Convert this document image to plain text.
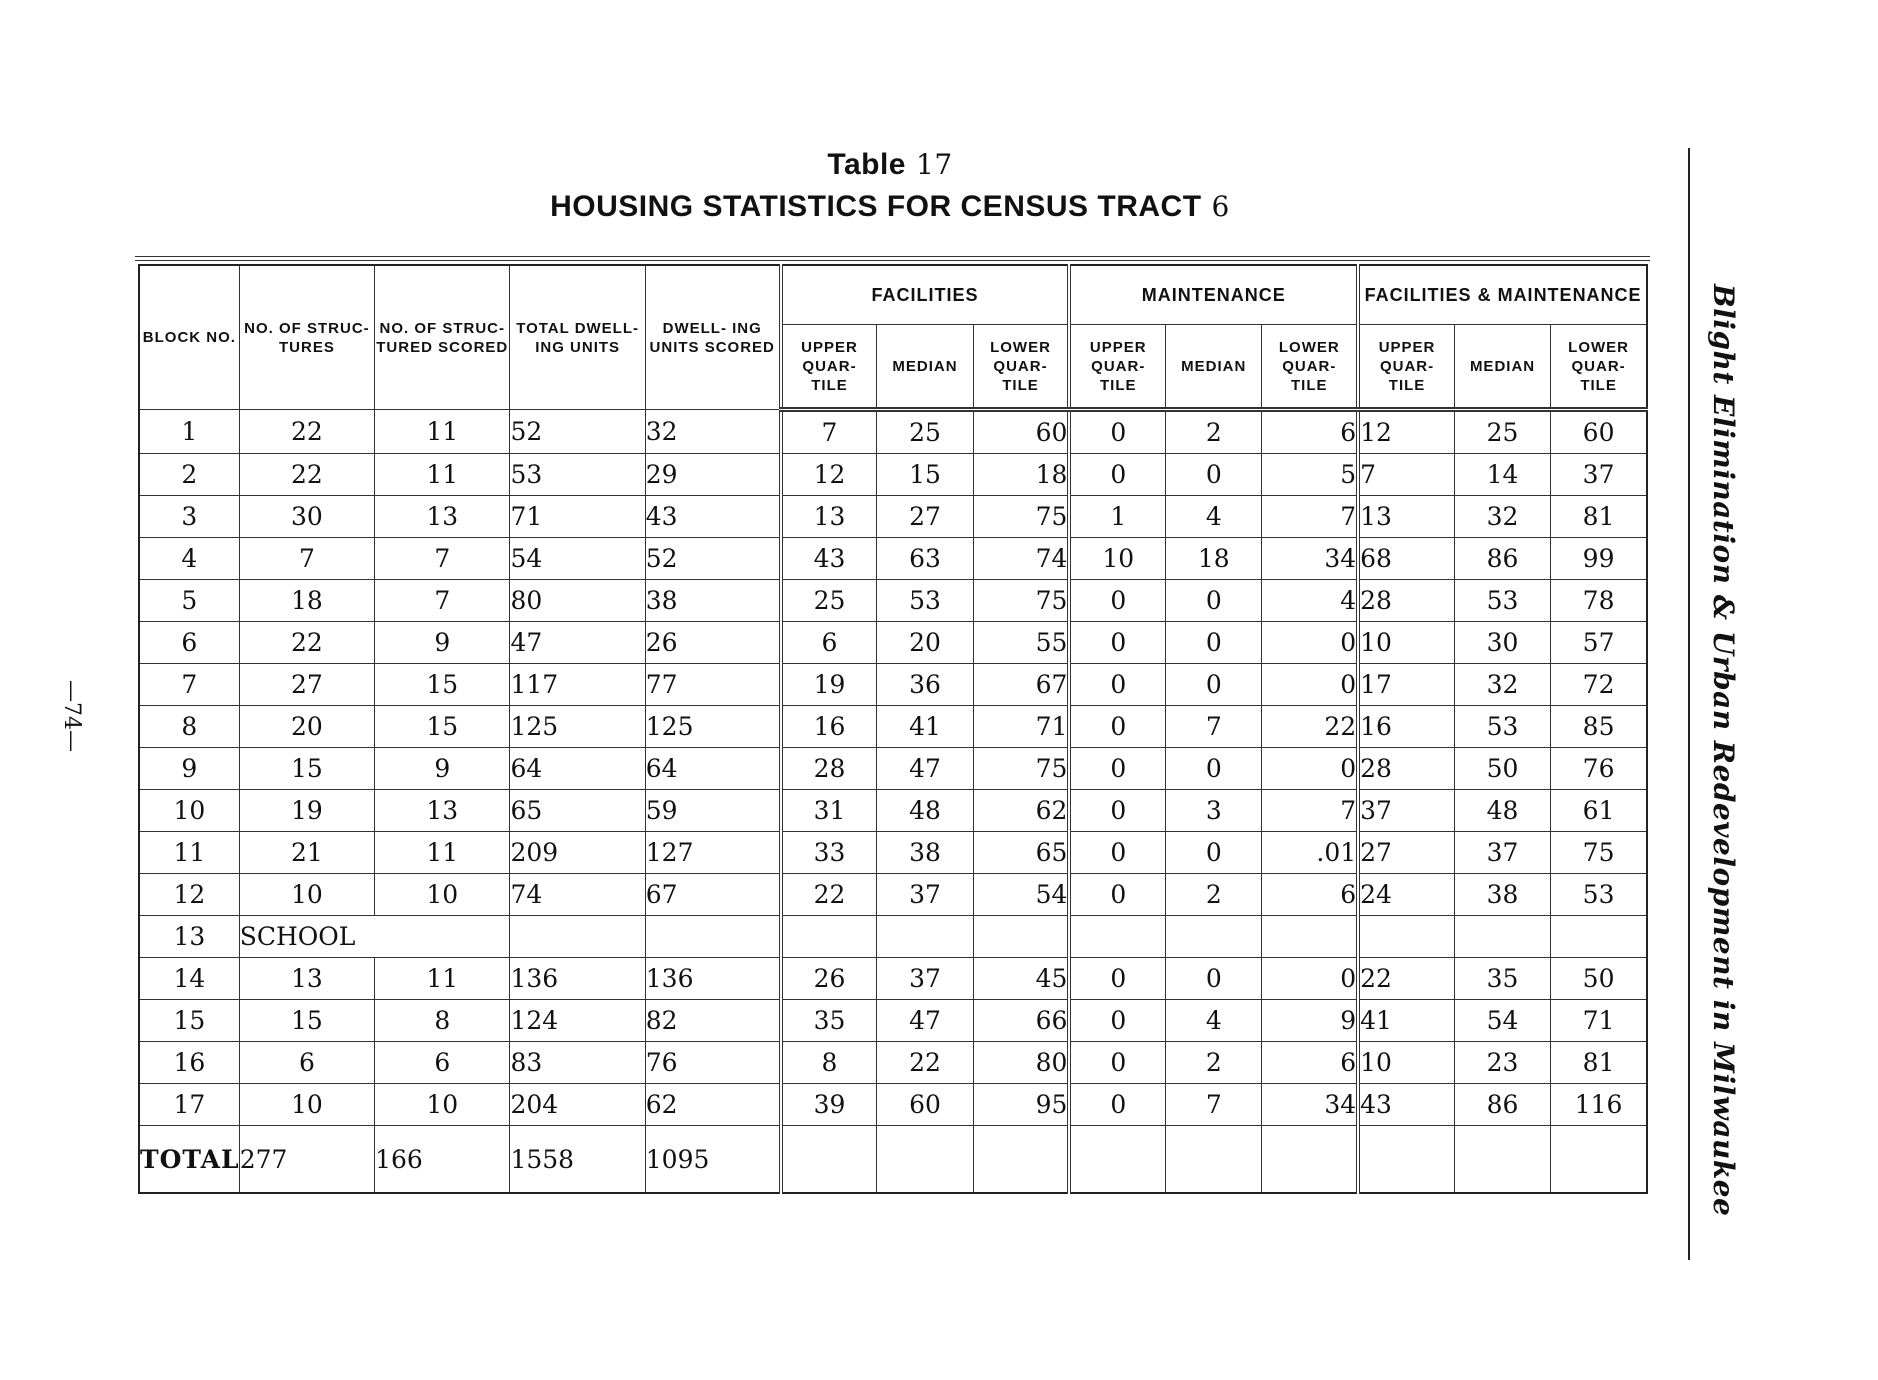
Table 17
HOUSING STATISTICS FOR CENSUS TRACT 6
BLOCK NO.	NO. OF STRUC- TURES	NO. OF STRUC- TURED SCORED	TOTAL DWELL- ING UNITS	DWELL- ING UNITS SCORED	FACILITIES			MAINTENANCE			FACILITIES & MAINTENANCE		
					UPPER QUAR- TILE	MEDIAN	LOWER QUAR- TILE	UPPER QUAR- TILE	MEDIAN	LOWER QUAR- TILE	UPPER QUAR- TILE	MEDIAN	LOWER QUAR- TILE
1	22	11	52	32	7	25	60	0	2	6	12	25	60
2	22	11	53	29	12	15	18	0	0	5	7	14	37
3	30	13	71	43	13	27	75	1	4	7	13	32	81
4	7	7	54	52	43	63	74	10	18	34	68	86	99
5	18	7	80	38	25	53	75	0	0	4	28	53	78
6	22	9	47	26	6	20	55	0	0	0	10	30	57
7	27	15	117	77	19	36	67	0	0	0	17	32	72
8	20	15	125	125	16	41	71	0	7	22	16	53	85
9	15	9	64	64	28	47	75	0	0	0	28	50	76
10	19	13	65	59	31	48	62	0	3	7	37	48	61
11	21	11	209	127	33	38	65	0	0	.01	27	37	75
12	10	10	74	67	22	37	54	0	2	6	24	38	53
13	SCHOOL												
14	13	11	136	136	26	37	45	0	0	0	22	35	50
15	15	8	124	82	35	47	66	0	4	9	41	54	71
16	6	6	83	76	8	22	80	0	2	6	10	23	81
17	10	10	204	62	39	60	95	0	7	34	43	86	116
TOTAL	277	166	1558	1095										Blight Elimination & Urban Redevelopment in Milwaukee
—74—
